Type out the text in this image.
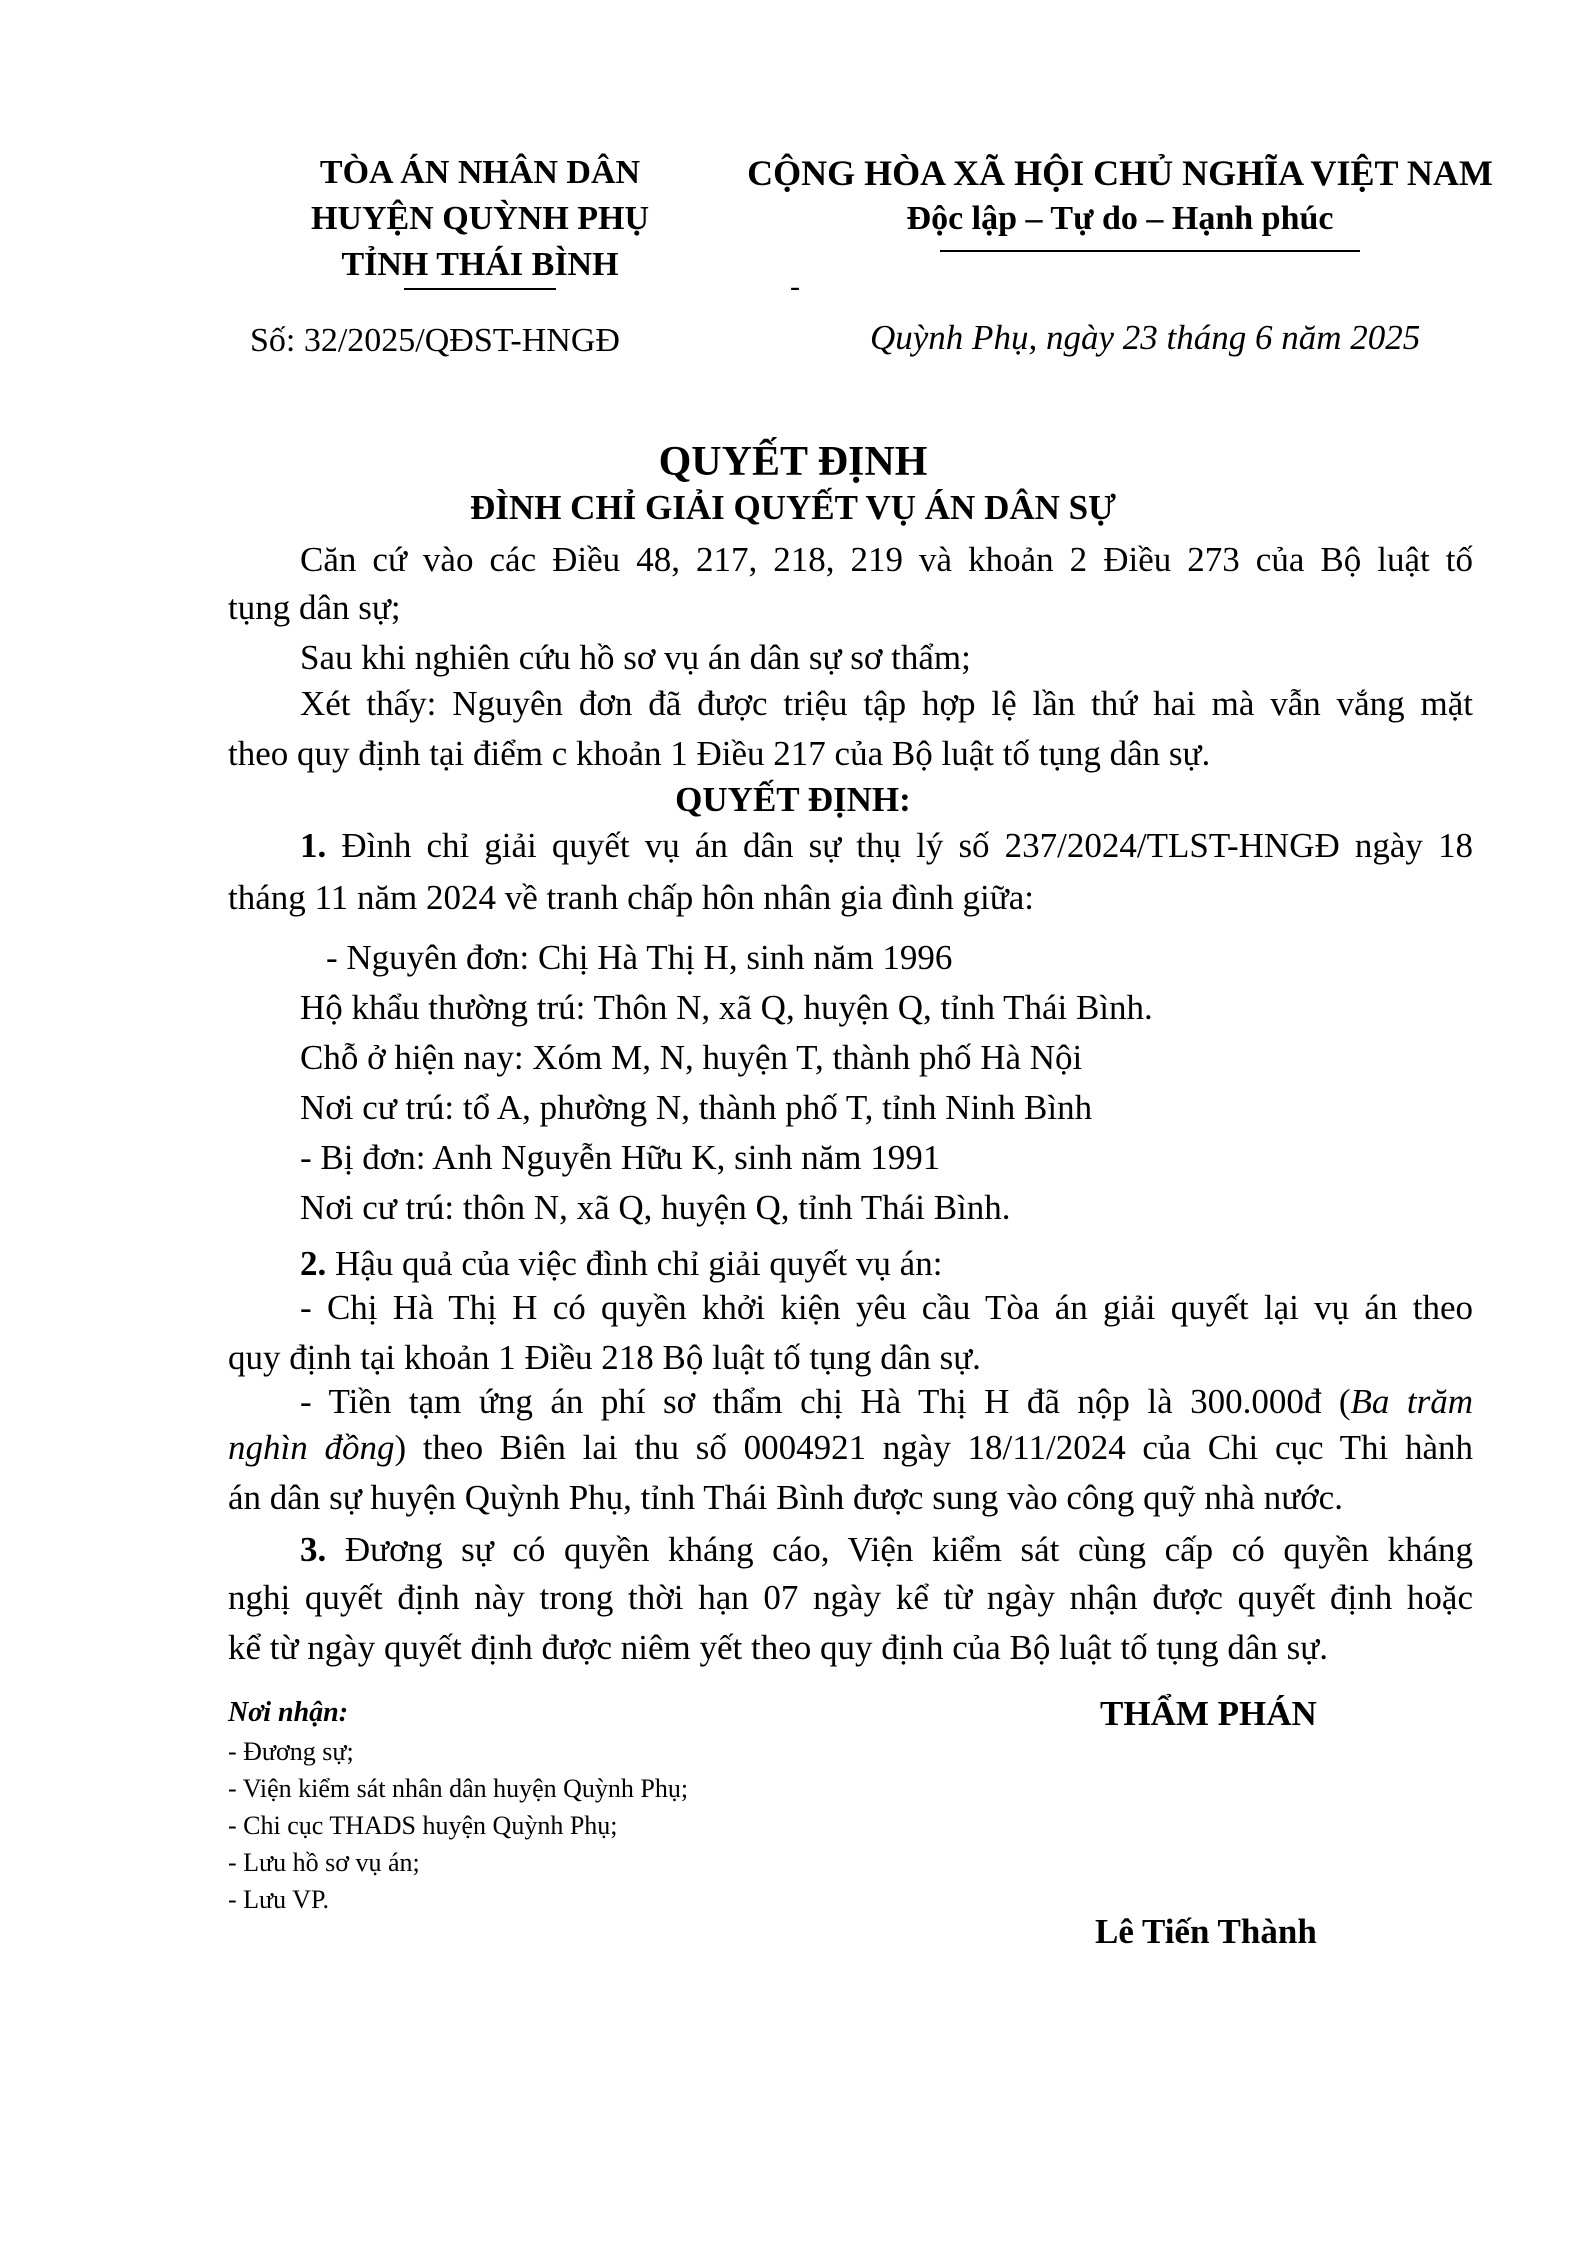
TÒA ÁN NHÂN DÂN
HUYỆN QUỲNH PHỤ
TỈNH THÁI BÌNH
CỘNG HÒA XÃ HỘI CHỦ NGHĨA VIỆT NAM
Độc lập – Tự do – Hạnh phúc
-
Số: 32/2025/QĐST-HNGĐ	Quỳnh Phụ, ngày 23 tháng 6 năm 2025
QUYẾT ĐỊNH
ĐÌNH CHỈ GIẢI QUYẾT VỤ ÁN DÂN SỰ
Căn cứ vào các Điều 48, 217, 218, 219 và khoản 2 Điều 273 của Bộ luật tố
tụng dân sự;
Sau khi nghiên cứu hồ sơ vụ án dân sự sơ thẩm;
Xét thấy: Nguyên đơn đã được triệu tập hợp lệ lần thứ hai mà vẫn vắng mặt
theo quy định tại điểm c khoản 1 Điều 217 của Bộ luật tố tụng dân sự.
QUYẾT ĐỊNH:
1. Đình chỉ giải quyết vụ án dân sự thụ lý số 237/2024/TLST-HNGĐ ngày 18
tháng 11 năm 2024 về tranh chấp hôn nhân gia đình giữa:
- Nguyên đơn: Chị Hà Thị H, sinh năm 1996
Hộ khẩu thường trú: Thôn N, xã Q, huyện Q, tỉnh Thái Bình.
Chỗ ở hiện nay: Xóm M, N, huyện T, thành phố Hà Nội
Nơi cư trú: tổ A, phường N, thành phố T, tỉnh Ninh Bình
- Bị đơn: Anh Nguyễn Hữu K, sinh năm 1991
Nơi cư trú: thôn N, xã Q, huyện Q, tỉnh Thái Bình.
2. Hậu quả của việc đình chỉ giải quyết vụ án:
- Chị Hà Thị H có quyền khởi kiện yêu cầu Tòa án giải quyết lại vụ án theo
quy định tại khoản 1 Điều 218 Bộ luật tố tụng dân sự.
- Tiền tạm ứng án phí sơ thẩm chị Hà Thị H đã nộp là 300.000đ (Ba trăm
nghìn đồng) theo Biên lai thu số 0004921 ngày 18/11/2024 của Chi cục Thi hành
án dân sự huyện Quỳnh Phụ, tỉnh Thái Bình được sung vào công quỹ nhà nước.
3. Đương sự có quyền kháng cáo, Viện kiểm sát cùng cấp có quyền kháng
nghị quyết định này trong thời hạn 07 ngày kể từ ngày nhận được quyết định hoặc
kể từ ngày quyết định được niêm yết theo quy định của Bộ luật tố tụng dân sự.
Nơi nhận:
- Đương sự;
- Viện kiểm sát nhân dân huyện Quỳnh Phụ;
- Chi cục THADS huyện Quỳnh Phụ;
- Lưu hồ sơ vụ án;
- Lưu VP.
THẨM PHÁN
Lê Tiến Thành
